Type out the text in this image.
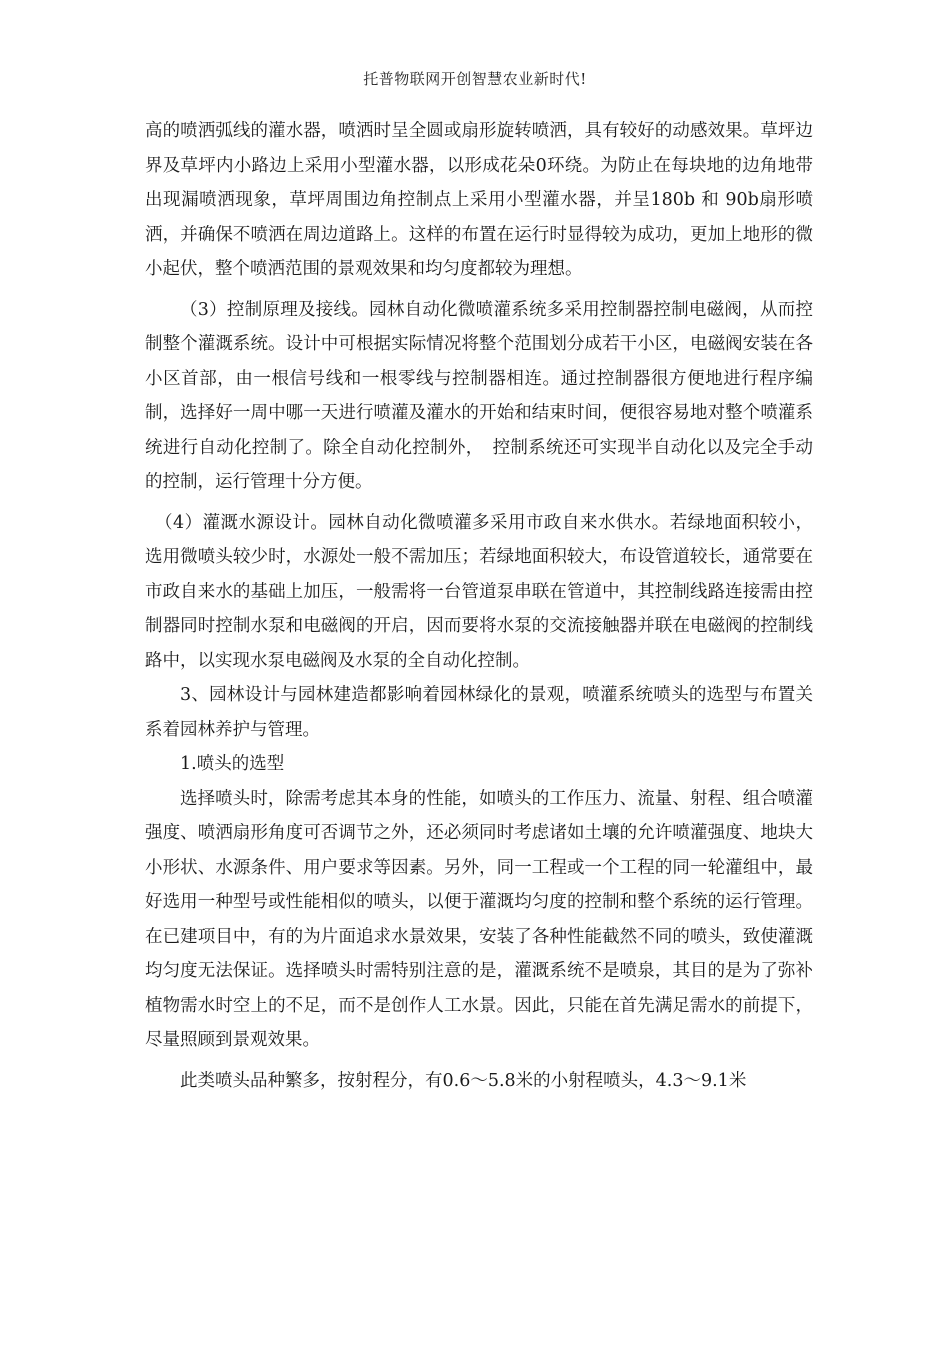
托普物联网开创智慧农业新时代!

高的喷洒弧线的灌水器，喷洒时呈全圆或扇形旋转喷洒，具有较好的动感效果。草坪边界及草坪内小路边上采用小型灌水器，以形成花朵0环绕。为防止在每块地的边角地带出现漏喷洒现象，草坪周围边角控制点上采用小型灌水器，并呈180b 和 90b扇形喷洒，并确保不喷洒在周边道路上。这样的布置在运行时显得较为成功，更加上地形的微小起伏，整个喷洒范围的景观效果和均匀度都较为理想。

（3）控制原理及接线。园林自动化微喷灌系统多采用控制器控制电磁阀，从而控制整个灌溉系统。设计中可根据实际情况将整个范围划分成若干小区，电磁阀安装在各小区首部，由一根信号线和一根零线与控制器相连。通过控制器很方便地进行程序编制，选择好一周中哪一天进行喷灌及灌水的开始和结束时间，便很容易地对整个喷灌系统进行自动化控制了。除全自动化控制外，　控制系统还可实现半自动化以及完全手动的控制，运行管理十分方便。

（4）灌溉水源设计。园林自动化微喷灌多采用市政自来水供水。若绿地面积较小，选用微喷头较少时，水源处一般不需加压；若绿地面积较大，布设管道较长，通常要在市政自来水的基础上加压，一般需将一台管道泵串联在管道中，其控制线路连接需由控制器同时控制水泵和电磁阀的开启，因而要将水泵的交流接触器并联在电磁阀的控制线路中，以实现水泵电磁阀及水泵的全自动化控制。

3、园林设计与园林建造都影响着园林绿化的景观，喷灌系统喷头的选型与布置关系着园林养护与管理。

1.喷头的选型

选择喷头时，除需考虑其本身的性能，如喷头的工作压力、流量、射程、组合喷灌强度、喷洒扇形角度可否调节之外，还必须同时考虑诸如土壤的允许喷灌强度、地块大小形状、水源条件、用户要求等因素。另外，同一工程或一个工程的同一轮灌组中，最好选用一种型号或性能相似的喷头，以便于灌溉均匀度的控制和整个系统的运行管理。在已建项目中，有的为片面追求水景效果，安装了各种性能截然不同的喷头，致使灌溉均匀度无法保证。选择喷头时需特别注意的是，灌溉系统不是喷泉，其目的是为了弥补植物需水时空上的不足，而不是创作人工水景。因此，只能在首先满足需水的前提下，尽量照顾到景观效果。

此类喷头品种繁多，按射程分，有0.6～5.8米的小射程喷头，4.3～9.1米
